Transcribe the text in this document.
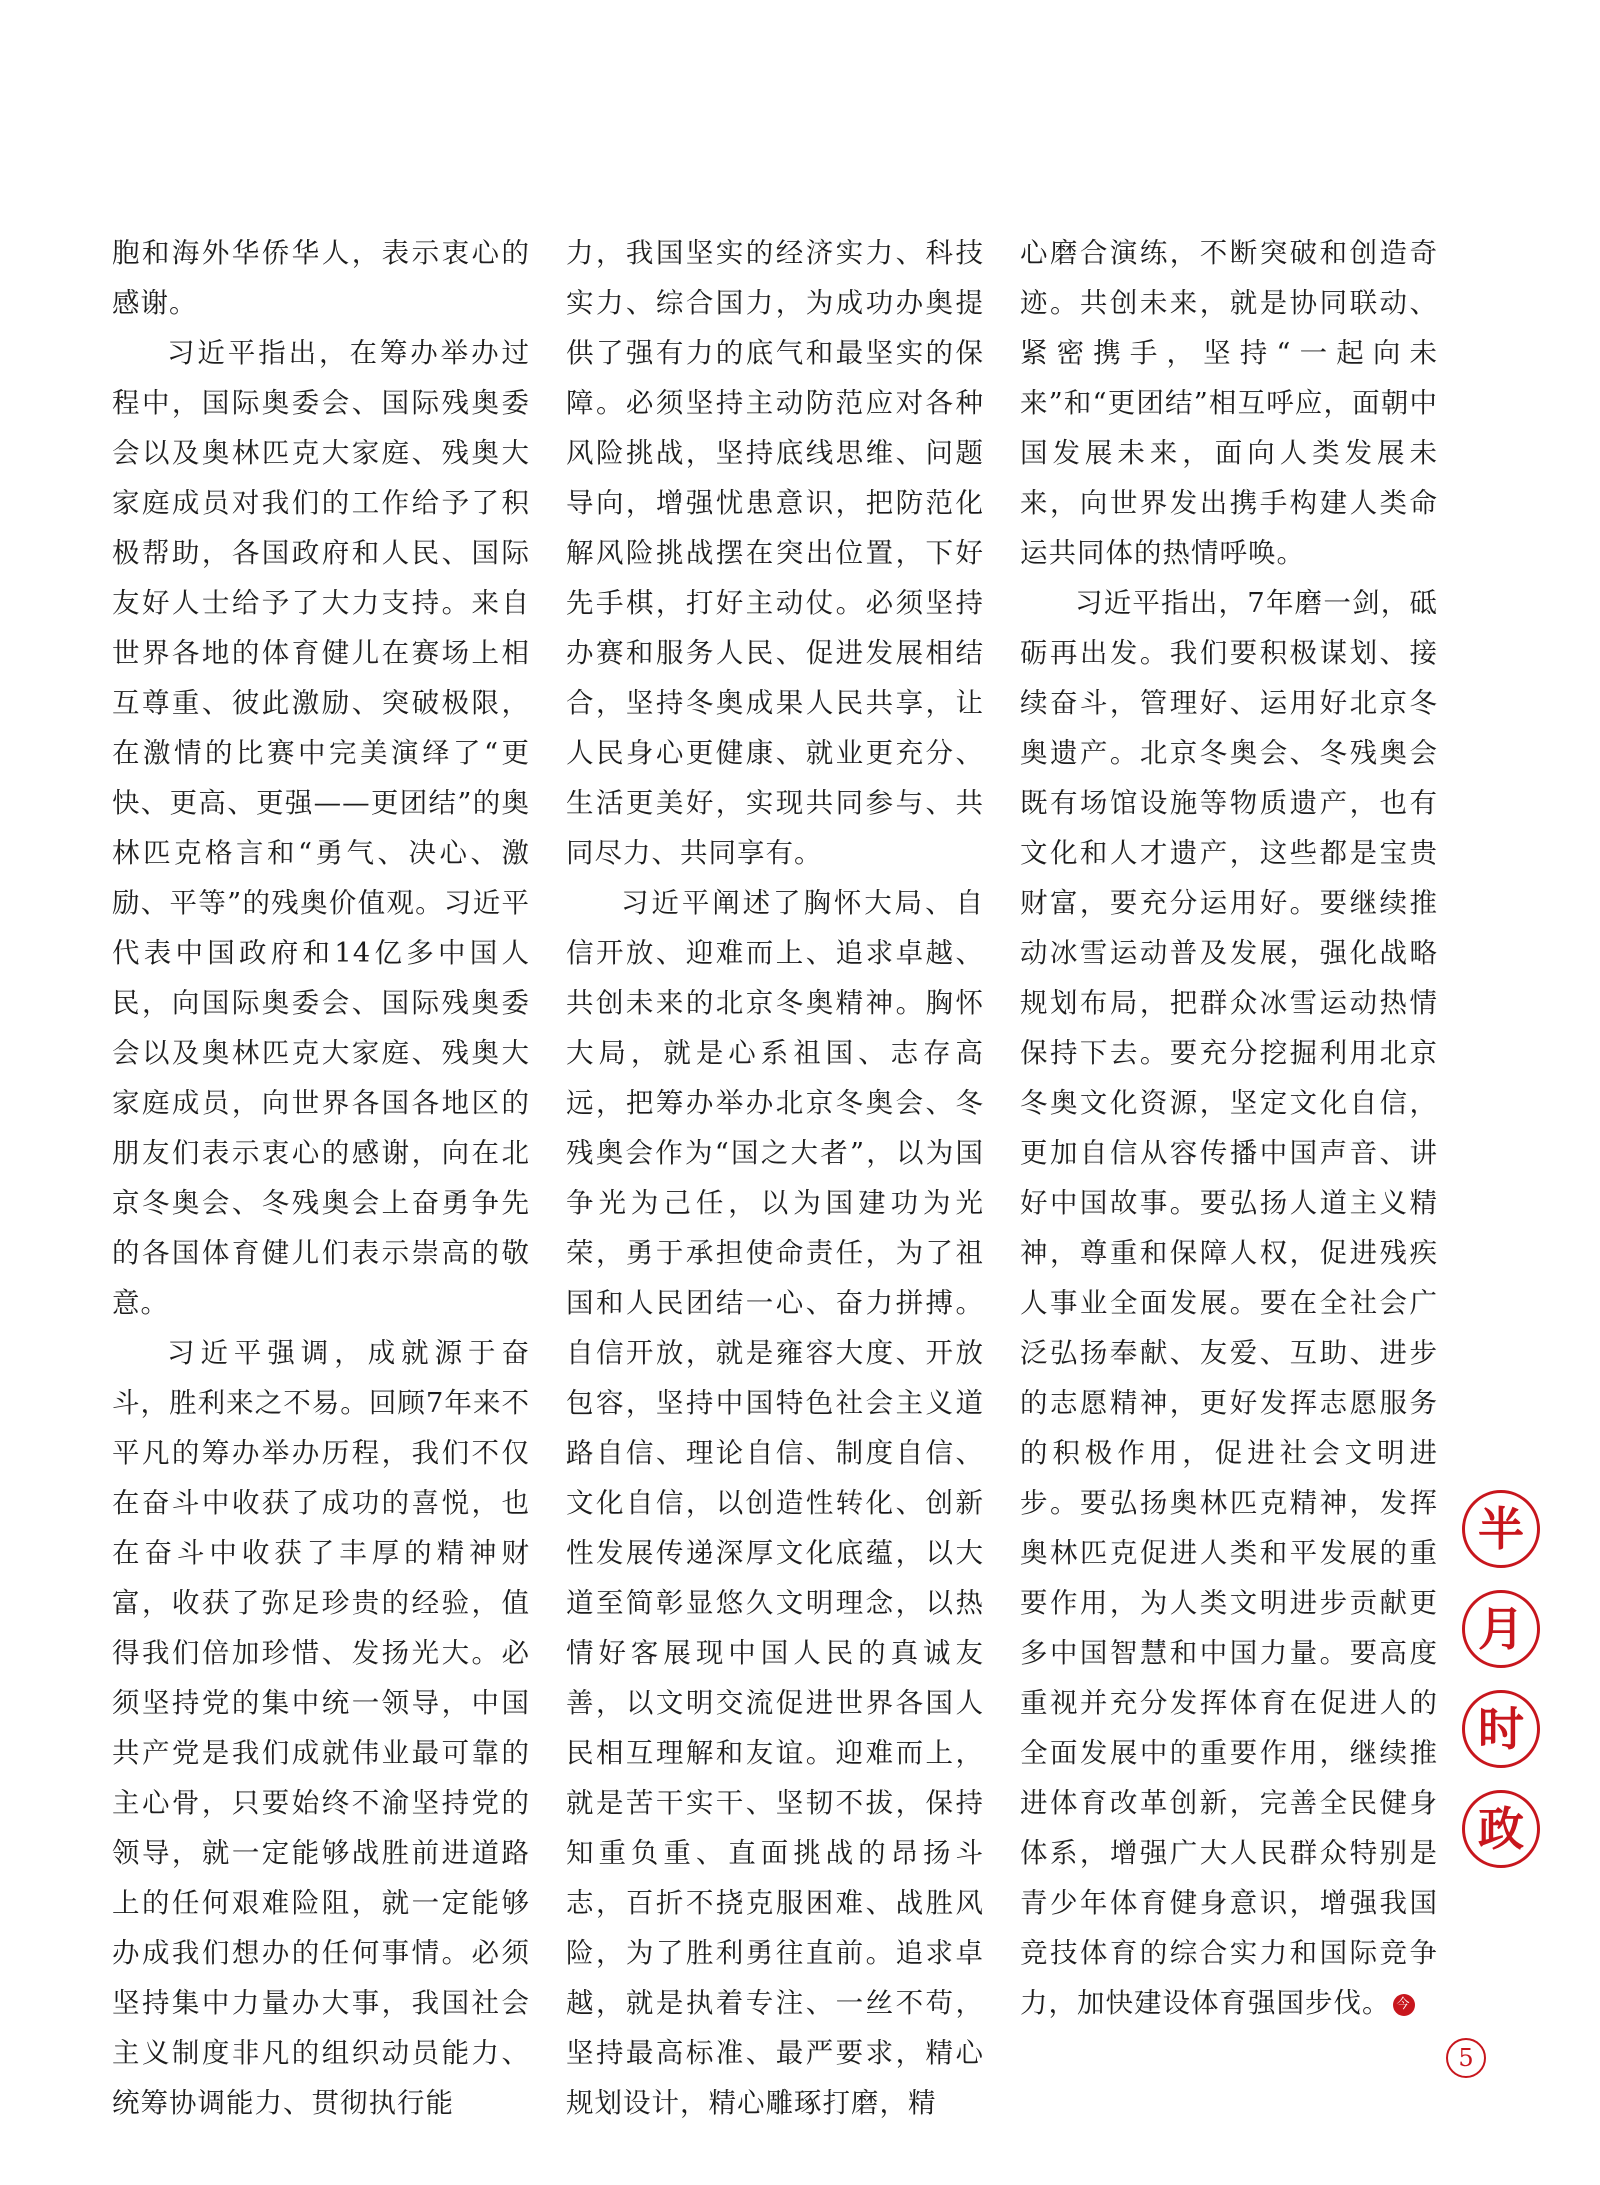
胞和海外华侨华人，表示衷心的感谢。

习近平指出，在筹办举办过程中，国际奥委会、国际残奥委会以及奥林匹克大家庭、残奥大家庭成员对我们的工作给予了积极帮助，各国政府和人民、国际友好人士给予了大力支持。来自世界各地的体育健儿在赛场上相互尊重、彼此激励、突破极限，在激情的比赛中完美演绎了“更快、更高、更强——更团结”的奥林匹克格言和“勇气、决心、激励、平等”的残奥价值观。习近平代表中国政府和14亿多中国人民，向国际奥委会、国际残奥委会以及奥林匹克大家庭、残奥大家庭成员，向世界各国各地区的朋友们表示衷心的感谢，向在北京冬奥会、冬残奥会上奋勇争先的各国体育健儿们表示崇高的敬意。

习近平强调，成就源于奋斗，胜利来之不易。回顾7年来不平凡的筹办举办历程，我们不仅在奋斗中收获了成功的喜悦，也在奋斗中收获了丰厚的精神财富，收获了弥足珍贵的经验，值得我们倍加珍惜、发扬光大。必须坚持党的集中统一领导，中国共产党是我们成就伟业最可靠的主心骨，只要始终不渝坚持党的领导，就一定能够战胜前进道路上的任何艰难险阻，就一定能够办成我们想办的任何事情。必须坚持集中力量办大事，我国社会主义制度非凡的组织动员能力、统筹协调能力、贯彻执行能

力，我国坚实的经济实力、科技实力、综合国力，为成功办奥提供了强有力的底气和最坚实的保障。必须坚持主动防范应对各种风险挑战，坚持底线思维、问题导向，增强忧患意识，把防范化解风险挑战摆在突出位置，下好先手棋，打好主动仗。必须坚持办赛和服务人民、促进发展相结合，坚持冬奥成果人民共享，让人民身心更健康、就业更充分、生活更美好，实现共同参与、共同尽力、共同享有。

习近平阐述了胸怀大局、自信开放、迎难而上、追求卓越、共创未来的北京冬奥精神。胸怀大局，就是心系祖国、志存高远，把筹办举办北京冬奥会、冬残奥会作为“国之大者”，以为国争光为己任，以为国建功为光荣，勇于承担使命责任，为了祖国和人民团结一心、奋力拼搏。自信开放，就是雍容大度、开放包容，坚持中国特色社会主义道路自信、理论自信、制度自信、文化自信，以创造性转化、创新性发展传递深厚文化底蕴，以大道至简彰显悠久文明理念，以热情好客展现中国人民的真诚友善，以文明交流促进世界各国人民相互理解和友谊。迎难而上，就是苦干实干、坚韧不拔，保持知重负重、直面挑战的昂扬斗志，百折不挠克服困难、战胜风险，为了胜利勇往直前。追求卓越，就是执着专注、一丝不苟，坚持最高标准、最严要求，精心规划设计，精心雕琢打磨，精

心磨合演练，不断突破和创造奇迹。共创未来，就是协同联动、紧密携手，坚持“一起向未来”和“更团结”相互呼应，面朝中国发展未来，面向人类发展未来，向世界发出携手构建人类命运共同体的热情呼唤。

习近平指出，7年磨一剑，砥砺再出发。我们要积极谋划、接续奋斗，管理好、运用好北京冬奥遗产。北京冬奥会、冬残奥会既有场馆设施等物质遗产，也有文化和人才遗产，这些都是宝贵财富，要充分运用好。要继续推动冰雪运动普及发展，强化战略规划布局，把群众冰雪运动热情保持下去。要充分挖掘利用北京冬奥文化资源，坚定文化自信，更加自信从容传播中国声音、讲好中国故事。要弘扬人道主义精神，尊重和保障人权，促进残疾人事业全面发展。要在全社会广泛弘扬奉献、友爱、互助、进步的志愿精神，更好发挥志愿服务的积极作用，促进社会文明进步。要弘扬奥林匹克精神，发挥奥林匹克促进人类和平发展的重要作用，为人类文明进步贡献更多中国智慧和中国力量。要高度重视并充分发挥体育在促进人的全面发展中的重要作用，继续推进体育改革创新，完善全民健身体系，增强广大人民群众特别是青少年体育健身意识，增强我国竞技体育的综合实力和国际竞争力，加快建设体育强国步伐。 今

半
月
时
政
5
